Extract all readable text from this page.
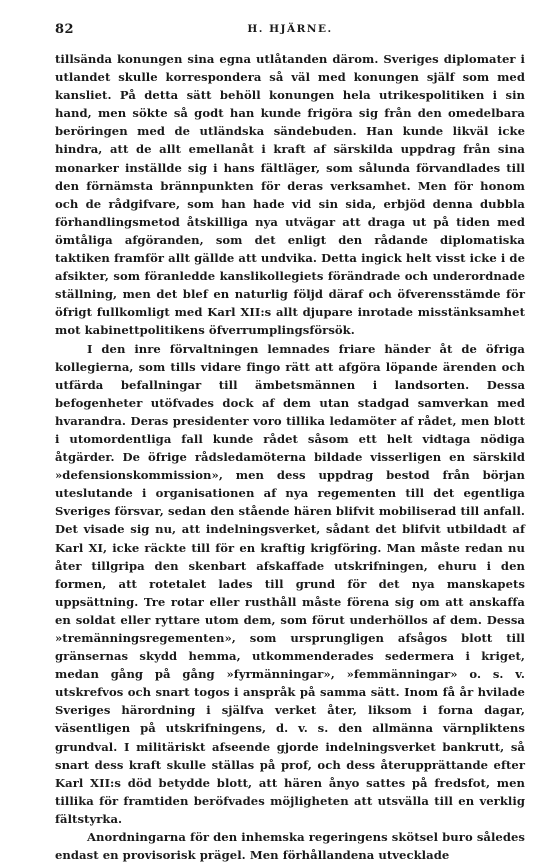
82	H. HJÄRNE.

tillsända konungen sina egna utlåtanden därom. Sveriges diplomater i utlandet skulle korrespondera så väl med konungen själf som med kansliet. På detta sätt behöll konungen hela utrikespolitiken i sin hand, men sökte så godt han kunde frigöra sig från den omedelbara beröringen med de utländska sändebuden. Han kunde likväl icke hindra, att de allt emellanåt i kraft af särskilda uppdrag från sina monarker inställde sig i hans fältläger, som sålunda förvandlades till den förnämsta brännpunkten för deras verksamhet. Men för honom och de rådgifvare, som han hade vid sin sida, erbjöd denna dubbla förhandlingsmetod åtskilliga nya utvägar att draga ut på tiden med ömtåliga afgöranden, som det enligt den rådande diplomatiska taktiken framför allt gällde att undvika. Detta ingick helt visst icke i de afsikter, som föranledde kanslikollegiets förändrade och underordnade ställning, men det blef en naturlig följd däraf och öfverensstämde för öfrigt fullkomligt med Karl XII:s allt djupare inrotade misstänksamhet mot kabinettpolitikens öfverrumplingsförsök.

I den inre förvaltningen lemnades friare händer åt de öfriga kollegierna, som tills vidare fingo rätt att afgöra löpande ärenden och utfärda befallningar till ämbetsmännen i landsorten. Dessa befogenheter utöfvades dock af dem utan stadgad samverkan med hvarandra. Deras presidenter voro tillika ledamöter af rådet, men blott i utomordentliga fall kunde rådet såsom ett helt vidtaga nödiga åtgärder. De öfrige rådsledamöterna bildade visserligen en särskild »defensionskommission», men dess uppdrag bestod från början uteslutande i organisationen af nya regementen till det egentliga Sveriges försvar, sedan den stående hären blifvit mobiliserad till anfall. Det visade sig nu, att indelningsverket, sådant det blifvit utbildadt af Karl XI, icke räckte till för en kraftig krigföring. Man måste redan nu åter tillgripa den skenbart afskaffade utskrifningen, ehuru i den formen, att rotetalet lades till grund för det nya manskapets uppsättning. Tre rotar eller rusthåll måste förena sig om att anskaffa en soldat eller ryttare utom dem, som förut underhöllos af dem. Dessa »tremänningsregementen», som ursprungligen afsågos blott till gränsernas skydd hemma, utkommenderades sedermera i kriget, medan gång på gång »fyrmänningar», »femmänningar» o. s. v. utskrefvos och snart togos i anspråk på samma sätt. Inom få år hvilade Sveriges härordning i själfva verket åter, liksom i forna dagar, väsentligen på utskrifningens, d. v. s. den allmänna värnpliktens grundval. I militäriskt afseende gjorde indelningsverket bankrutt, så snart dess kraft skulle ställas på prof, och dess återupprättande efter Karl XII:s död betydde blott, att hären ånyo sattes på fredsfot, men tillika för framtiden beröfvades möjligheten att utsvälla till en verklig fältstyrka.

Anordningarna för den inhemska regeringens skötsel buro således endast en provisorisk prägel. Men förhållandena utvecklade
